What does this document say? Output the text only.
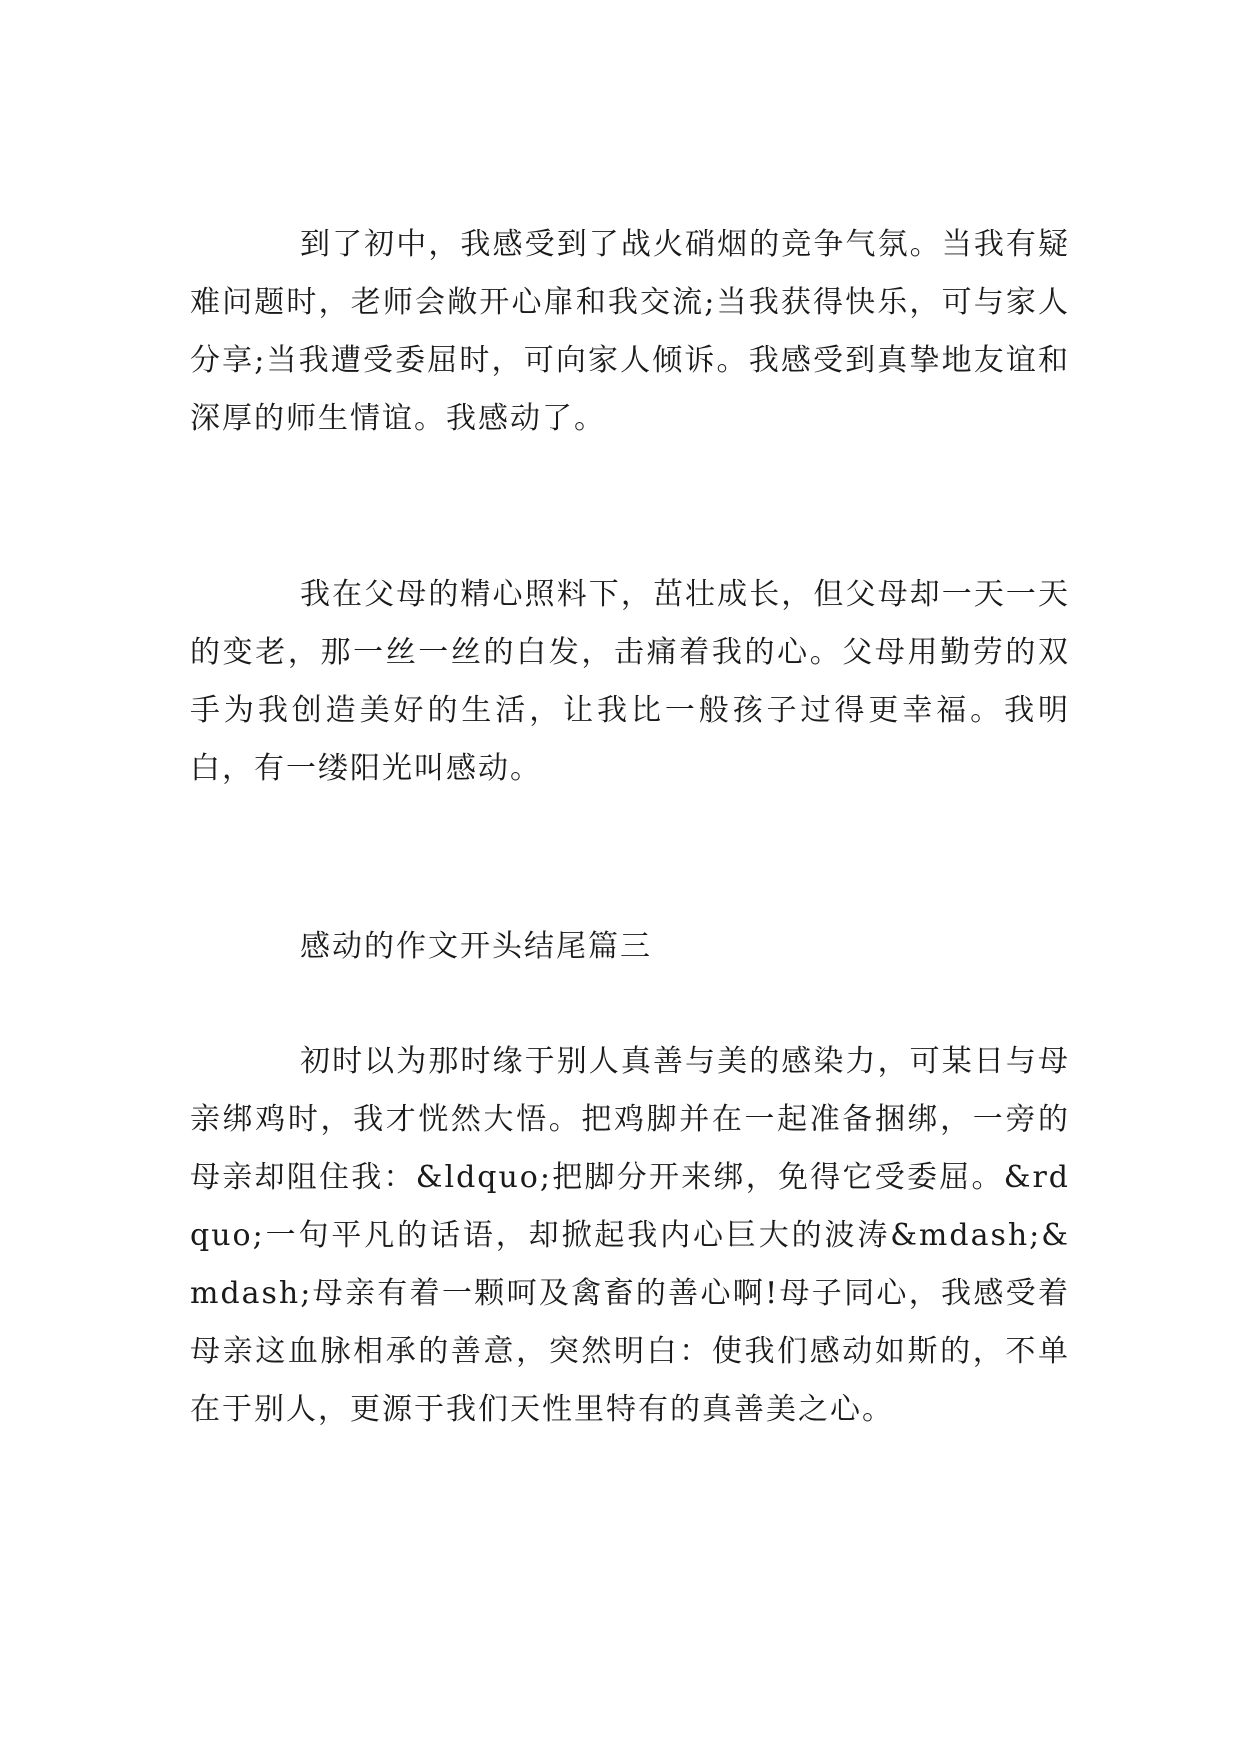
到了初中，我感受到了战火硝烟的竞争气氛。当我有疑难问题时，老师会敞开心扉和我交流;当我获得快乐，可与家人分享;当我遭受委屈时，可向家人倾诉。我感受到真挚地友谊和深厚的师生情谊。我感动了。

我在父母的精心照料下，茁壮成长，但父母却一天一天的变老，那一丝一丝的白发，击痛着我的心。父母用勤劳的双手为我创造美好的生活，让我比一般孩子过得更幸福。我明白，有一缕阳光叫感动。

感动的作文开头结尾篇三

初时以为那时缘于别人真善与美的感染力，可某日与母亲绑鸡时，我才恍然大悟。把鸡脚并在一起准备捆绑，一旁的母亲却阻住我：&ldquo;把脚分开来绑，免得它受委屈。&rdquo;一句平凡的话语，却掀起我内心巨大的波涛&mdash;&mdash;母亲有着一颗呵及禽畜的善心啊!母子同心，我感受着母亲这血脉相承的善意，突然明白：使我们感动如斯的，不单在于别人，更源于我们天性里特有的真善美之心。
